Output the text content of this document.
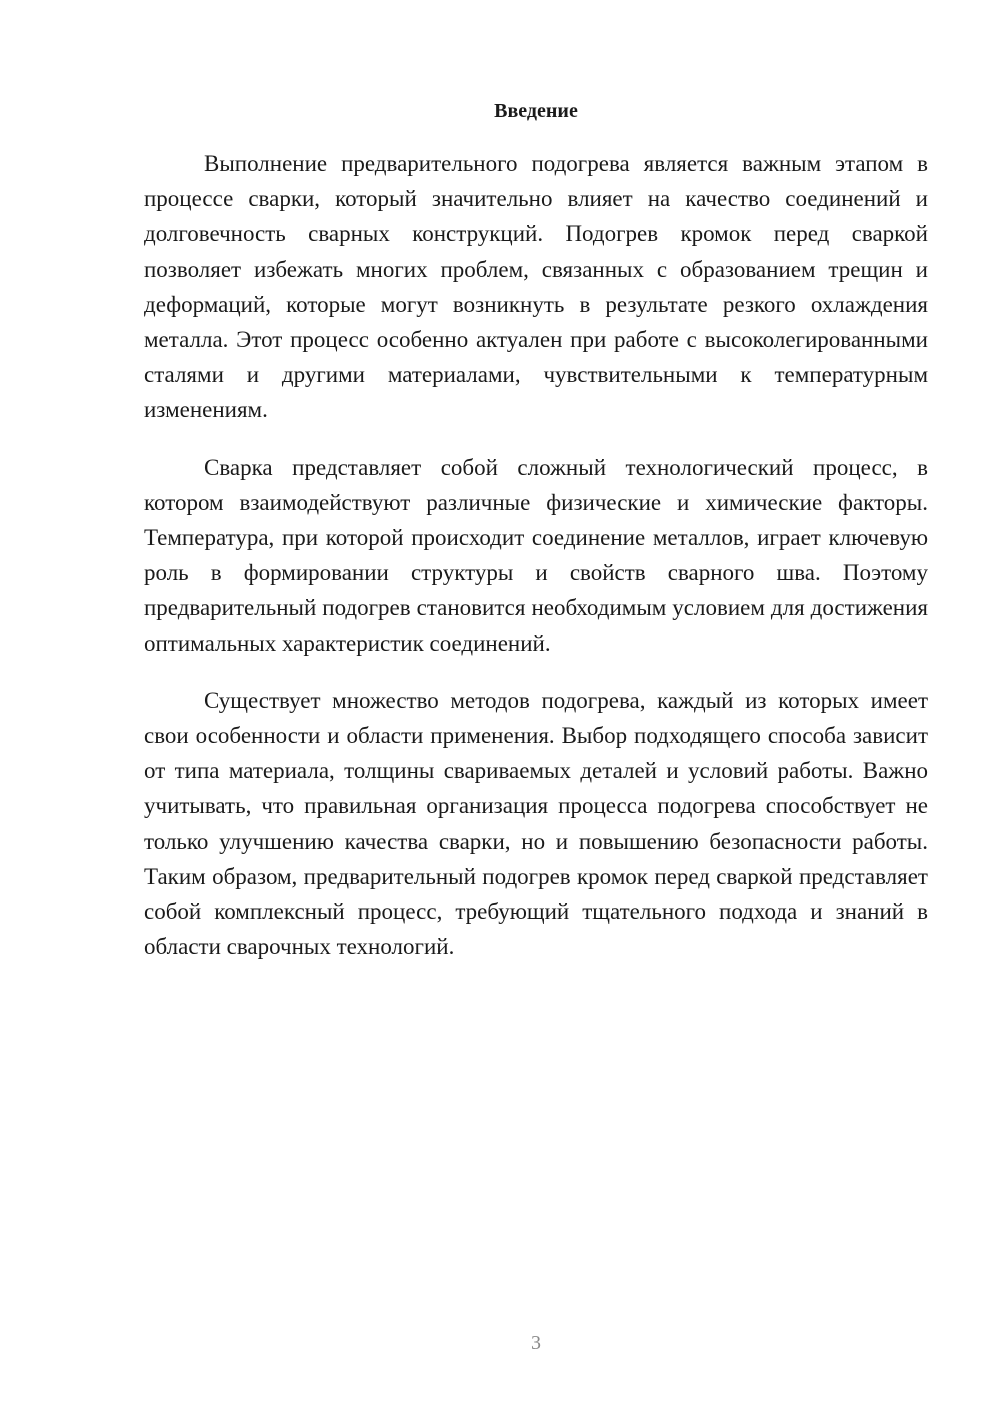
Введение

Выполнение предварительного подогрева является важным этапом в процессе сварки, который значительно влияет на качество соединений и долговечность сварных конструкций. Подогрев кромок перед сваркой позволяет избежать многих проблем, связанных с образованием трещин и деформаций, которые могут возникнуть в результате резкого охлаждения металла. Этот процесс особенно актуален при работе с высоколегированными сталями и другими материалами, чувствительными к температурным изменениям.

Сварка представляет собой сложный технологический процесс, в котором взаимодействуют различные физические и химические факторы. Температура, при которой происходит соединение металлов, играет ключевую роль в формировании структуры и свойств сварного шва. Поэтому предварительный подогрев становится необходимым условием для достижения оптимальных характеристик соединений.

Существует множество методов подогрева, каждый из которых имеет свои особенности и области применения. Выбор подходящего способа зависит от типа материала, толщины свариваемых деталей и условий работы. Важно учитывать, что правильная организация процесса подогрева способствует не только улучшению качества сварки, но и повышению безопасности работы. Таким образом, предварительный подогрев кромок перед сваркой представляет собой комплексный процесс, требующий тщательного подхода и знаний в области сварочных технологий.

3
